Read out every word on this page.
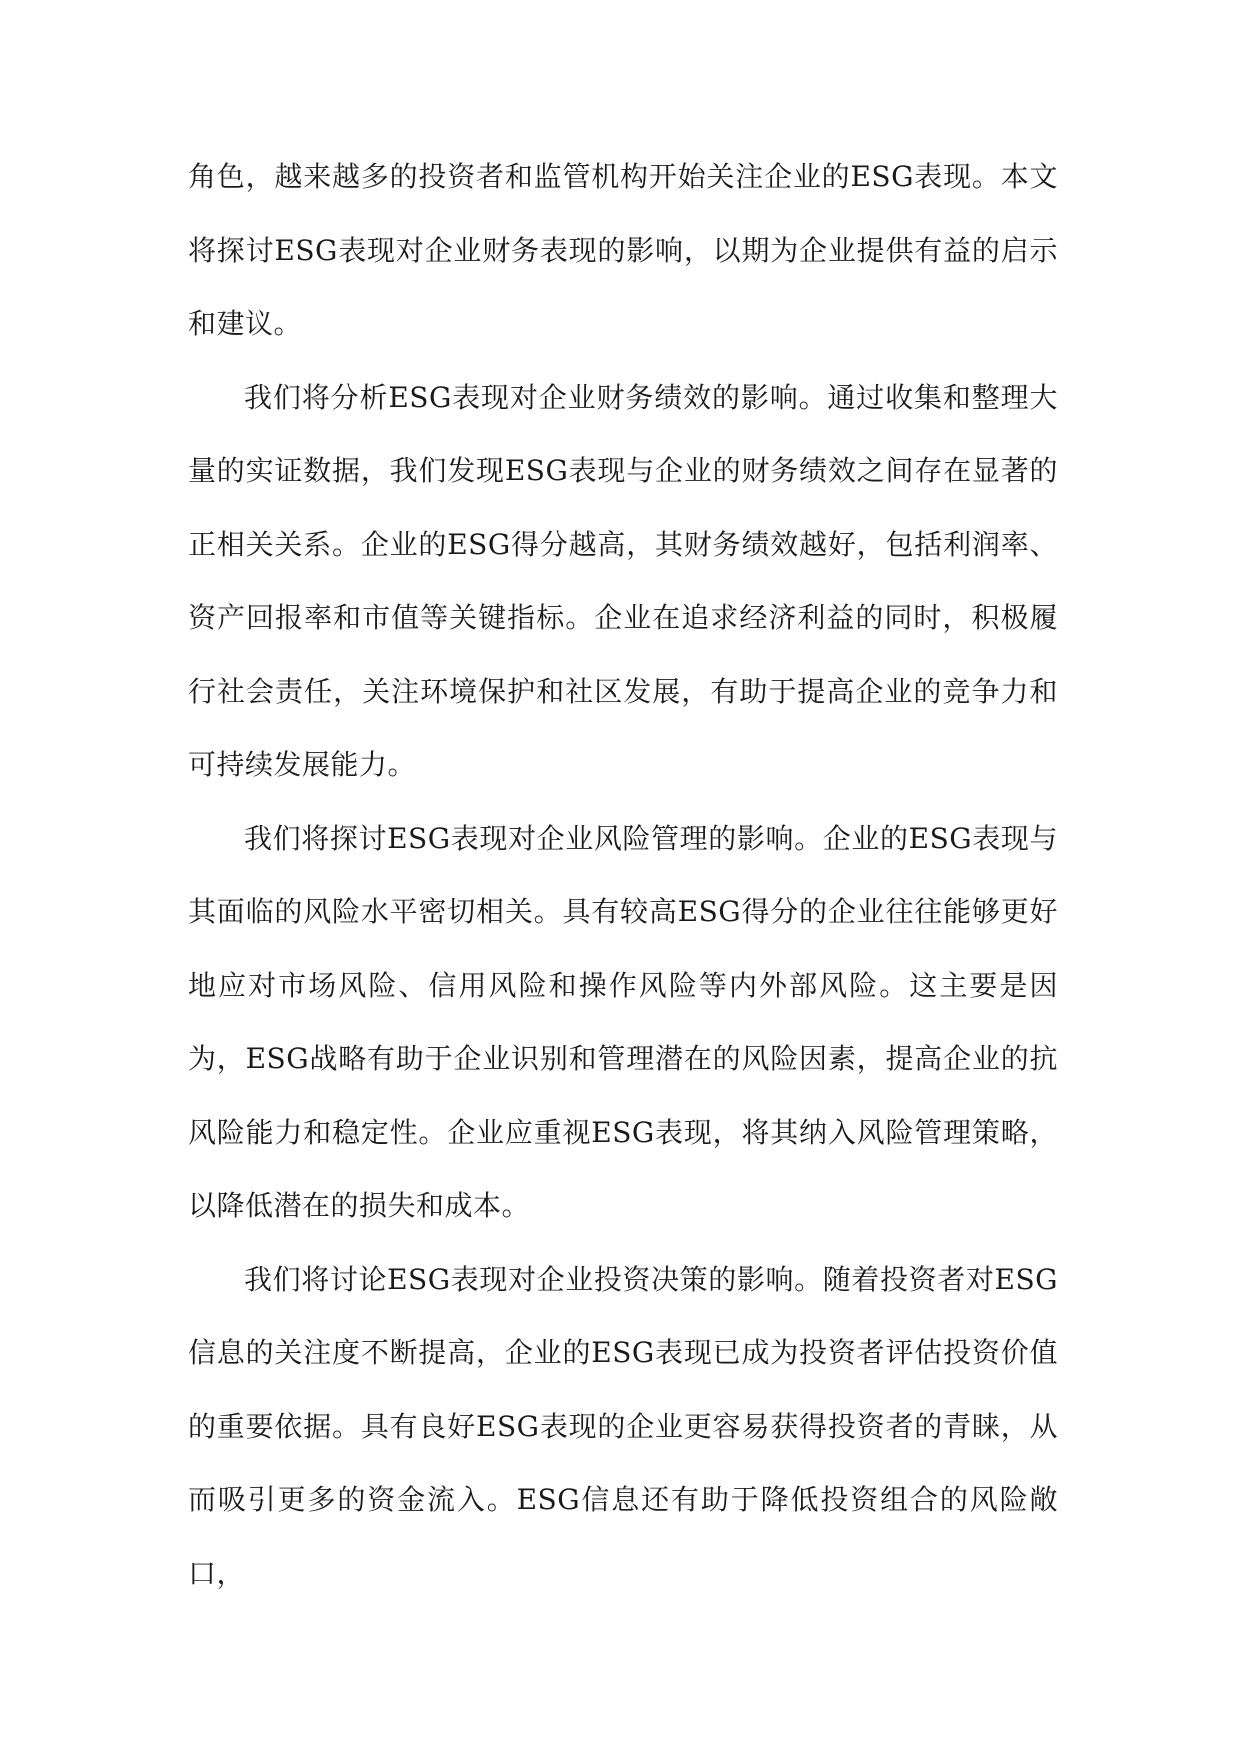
角色，越来越多的投资者和监管机构开始关注企业的ESG表现。本文将探讨ESG表现对企业财务表现的影响，以期为企业提供有益的启示和建议。

我们将分析ESG表现对企业财务绩效的影响。通过收集和整理大量的实证数据，我们发现ESG表现与企业的财务绩效之间存在显著的正相关关系。企业的ESG得分越高，其财务绩效越好，包括利润率、资产回报率和市值等关键指标。企业在追求经济利益的同时，积极履行社会责任，关注环境保护和社区发展，有助于提高企业的竞争力和可持续发展能力。

我们将探讨ESG表现对企业风险管理的影响。企业的ESG表现与其面临的风险水平密切相关。具有较高ESG得分的企业往往能够更好地应对市场风险、信用风险和操作风险等内外部风险。这主要是因为，ESG战略有助于企业识别和管理潜在的风险因素，提高企业的抗风险能力和稳定性。企业应重视ESG表现，将其纳入风险管理策略，以降低潜在的损失和成本。

我们将讨论ESG表现对企业投资决策的影响。随着投资者对ESG信息的关注度不断提高，企业的ESG表现已成为投资者评估投资价值的重要依据。具有良好ESG表现的企业更容易获得投资者的青睐，从而吸引更多的资金流入。ESG信息还有助于降低投资组合的风险敞口，
